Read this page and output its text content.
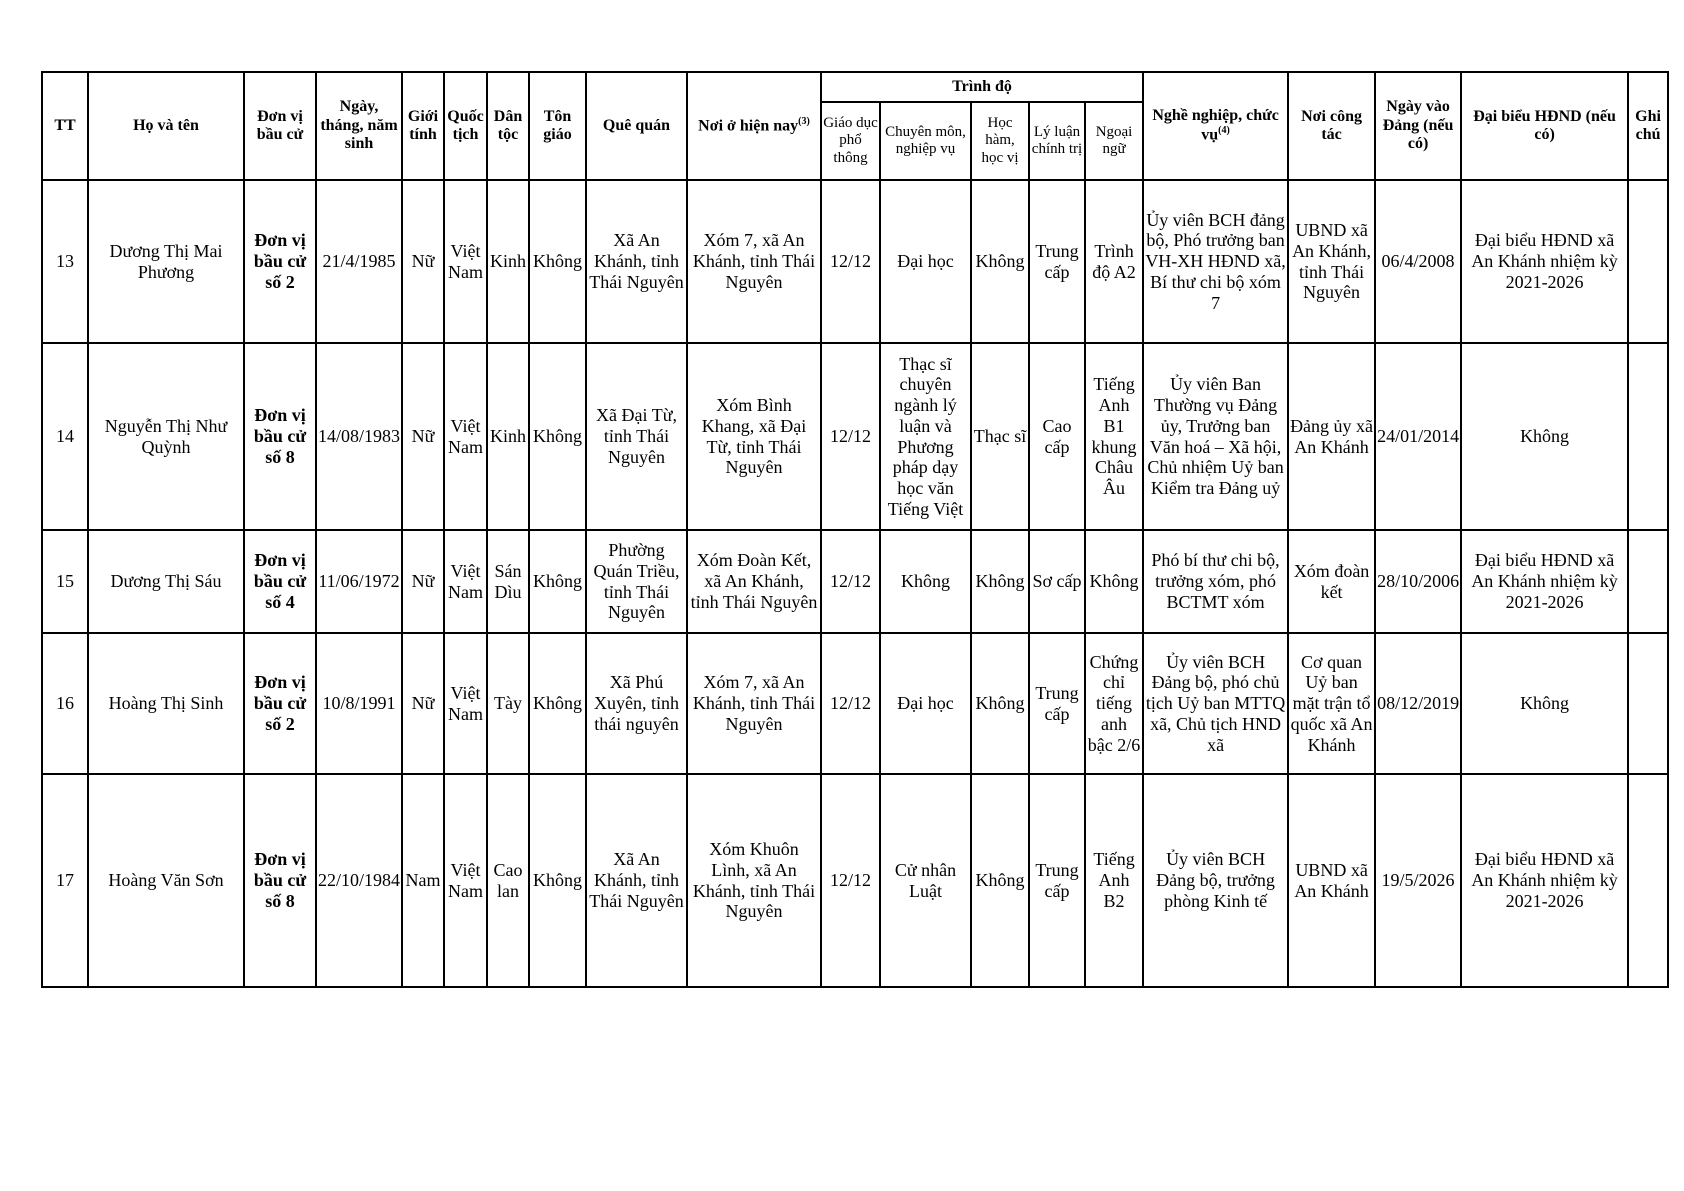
TT	Họ và tên	Đơn vị bầu cử	Ngày, tháng, năm sinh	Giới tính	Quốc tịch	Dân tộc	Tôn giáo	Quê quán	Nơi ở hiện nay$^{(3)}$	Trình độ					Nghề nghiệp, chức vụ$^{(4)}$	Nơi công tác	Ngày vào Đảng (nếu có)	Đại biểu HĐND (nếu có)	Ghi chú
										Giáo dục phổ thông	Chuyên môn, nghiệp vụ	Học hàm, học vị	Lý luận chính trị	Ngoại ngữ					
13	Dương Thị Mai Phương	Đơn vị bầu cử số 2	21/4/1985	Nữ	Việt Nam	Kinh	Không	Xã An Khánh, tỉnh Thái Nguyên	Xóm 7, xã An Khánh, tỉnh Thái Nguyên	12/12	Đại học	Không	Trung cấp	Trình độ A2	Ủy viên BCH đảng bộ, Phó trưởng ban VH-XH HĐND xã, Bí thư chi bộ xóm 7	UBND xã An Khánh, tỉnh Thái Nguyên	06/4/2008	Đại biểu HĐND xã An Khánh nhiệm kỳ 2021-2026	
14	Nguyễn Thị Như Quỳnh	Đơn vị bầu cử số 8	14/08/1983	Nữ	Việt Nam	Kinh	Không	Xã Đại Từ, tỉnh Thái Nguyên	Xóm Bình Khang, xã Đại Từ, tỉnh Thái Nguyên	12/12	Thạc sĩ chuyên ngành lý luận và Phương pháp dạy học văn Tiếng Việt	Thạc sĩ	Cao cấp	Tiếng Anh B1 khung Châu Âu	Ủy viên Ban Thường vụ Đảng ủy, Trưởng ban Văn hoá – Xã hội, Chủ nhiệm Uỷ ban Kiểm tra Đảng uỷ	Đảng ủy xã An Khánh	24/01/2014	Không	
15	Dương Thị Sáu	Đơn vị bầu cử số 4	11/06/1972	Nữ	Việt Nam	Sán Dìu	Không	Phường Quán Triều, tỉnh Thái Nguyên	Xóm Đoàn Kết, xã An Khánh, tỉnh Thái Nguyên	12/12	Không	Không	Sơ cấp	Không	Phó bí thư chi bộ, trưởng xóm, phó BCTMT xóm	Xóm đoàn kết	28/10/2006	Đại biểu HĐND xã An Khánh nhiệm kỳ 2021-2026	
16	Hoàng Thị Sinh	Đơn vị bầu cử số 2	10/8/1991	Nữ	Việt Nam	Tày	Không	Xã Phú Xuyên, tỉnh thái nguyên	Xóm 7, xã An Khánh, tỉnh Thái Nguyên	12/12	Đại học	Không	Trung cấp	Chứng chỉ tiếng anh bậc 2/6	Ủy viên BCH Đảng bộ, phó chủ tịch Uỷ ban MTTQ xã, Chủ tịch HND xã	Cơ quan Uỷ ban mặt trận tổ quốc xã An Khánh	08/12/2019	Không	
17	Hoàng Văn Sơn	Đơn vị bầu cử số 8	22/10/1984	Nam	Việt Nam	Cao lan	Không	Xã An Khánh, tỉnh Thái Nguyên	Xóm Khuôn Lình, xã An Khánh, tỉnh Thái Nguyên	12/12	Cử nhân Luật	Không	Trung cấp	Tiếng Anh B2	Ủy viên BCH Đảng bộ, trưởng phòng Kinh tế	UBND xã An Khánh	19/5/2026	Đại biểu HĐND xã An Khánh nhiệm kỳ 2021-2026	
